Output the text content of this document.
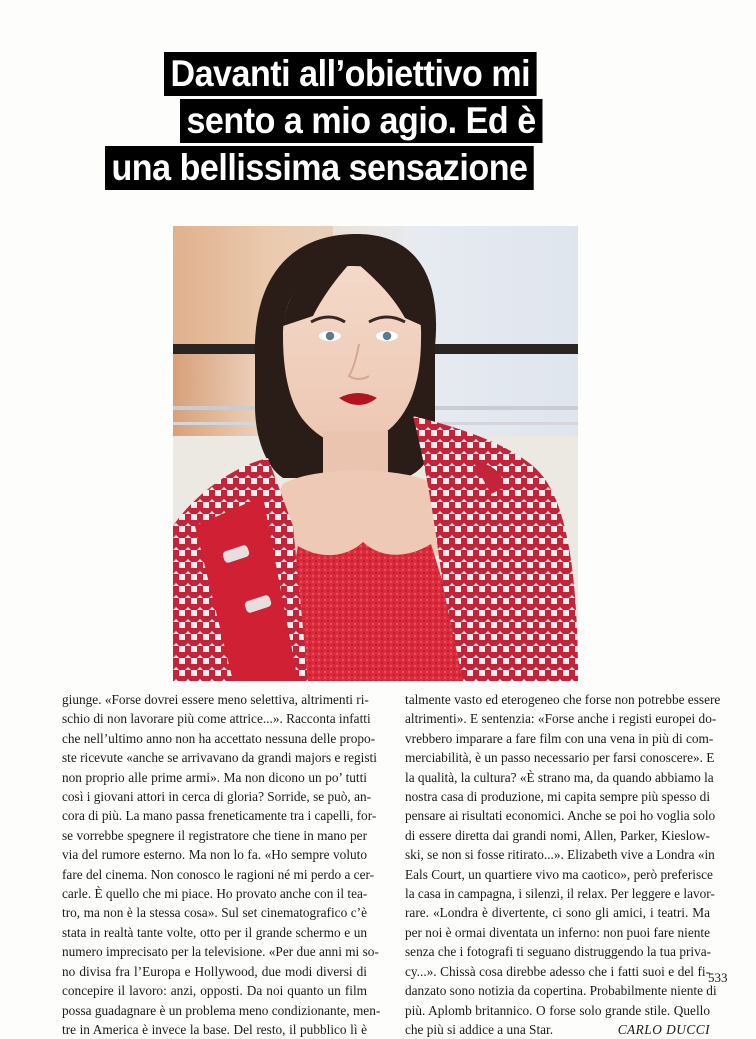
Davanti all’obiettivo mi
sento a mio agio. Ed è
una bellissima sensazione
giunge. «Forse dovrei essere meno selettiva, altrimenti ri-
schio di non lavorare più come attrice...». Racconta infatti
che nell’ultimo anno non ha accettato nessuna delle propo-
ste ricevute «anche se arrivavano da grandi majors e registi
non proprio alle prime armi». Ma non dicono un po’ tutti
così i giovani attori in cerca di gloria? Sorride, se può, an-
cora di più. La mano passa freneticamente tra i capelli, for-
se vorrebbe spegnere il registratore che tiene in mano per
via del rumore esterno. Ma non lo fa. «Ho sempre voluto
fare del cinema. Non conosco le ragioni né mi perdo a cer-
carle. È quello che mi piace. Ho provato anche con il tea-
tro, ma non è la stessa cosa». Sul set cinematografico c’è
stata in realtà tante volte, otto per il grande schermo e un
numero imprecisato per la televisione. «Per due anni mi so-
no divisa fra l’Europa e Hollywood, due modi diversi di
concepire il lavoro: anzi, opposti. Da noi quanto un film
possa guadagnare è un problema meno condizionante, men-
tre in America è invece la base. Del resto, il pubblico lì è
talmente vasto ed eterogeneo che forse non potrebbe essere
altrimenti». E sentenzia: «Forse anche i registi europei do-
vrebbero imparare a fare film con una vena in più di com-
merciabilità, è un passo necessario per farsi conoscere». E
la qualità, la cultura? «È strano ma, da quando abbiamo la
nostra casa di produzione, mi capita sempre più spesso di
pensare ai risultati economici. Anche se poi ho voglia solo
di essere diretta dai grandi nomi, Allen, Parker, Kieslow-
ski, se non si fosse ritirato...». Elizabeth vive a Londra «in
Eals Court, un quartiere vivo ma caotico», però preferisce
la casa in campagna, i silenzi, il relax. Per leggere e lavor-
rare. «Londra è divertente, ci sono gli amici, i teatri. Ma
per noi è ormai diventata un inferno: non puoi fare niente
senza che i fotografi ti seguano distruggendo la tua priva-
cy...». Chissà cosa direbbe adesso che i fatti suoi e del fi-
danzato sono notizia da copertina. Probabilmente niente di
più. Aplomb britannico. O forse solo grande stile. Quello
che più si addice a una Star.	CARLO DUCCI
533
